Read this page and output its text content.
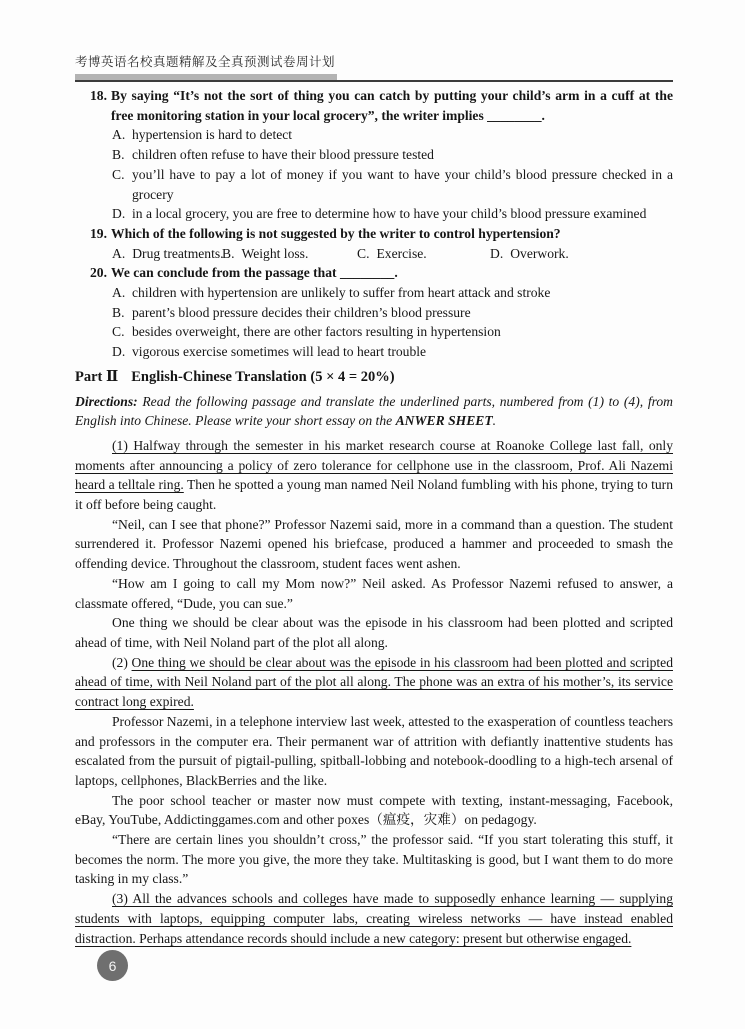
考博英语名校真题精解及全真预测试卷周计划
18. By saying “It’s not the sort of thing you can catch by putting your child’s arm in a cuff at the free monitoring station in your local grocery”, the writer implies ________.
A. hypertension is hard to detect
B. children often refuse to have their blood pressure tested
C. you’ll have to pay a lot of money if you want to have your child’s blood pressure checked in a grocery
D. in a local grocery, you are free to determine how to have your child’s blood pressure examined
19. Which of the following is not suggested by the writer to control hypertension?
A. Drug treatments.
B. Weight loss.	C. Exercise.	D. Overwork.
20. We can conclude from the passage that ________.
A. children with hypertension are unlikely to suffer from heart attack and stroke
B. parent’s blood pressure decides their children’s blood pressure
C. besides overweight, there are other factors resulting in hypertension
D. vigorous exercise sometimes will lead to heart trouble
Part Ⅱ English-Chinese Translation (5 × 4 = 20%)

Directions: Read the following passage and translate the underlined parts, numbered from (1) to (4), from English into Chinese. Please write your short essay on the ANWER SHEET.

(1) Halfway through the semester in his market research course at Roanoke College last fall, only moments after announcing a policy of zero tolerance for cellphone use in the classroom, Prof. Ali Nazemi heard a telltale ring. Then he spotted a young man named Neil Noland fumbling with his phone, trying to turn it off before being caught.

“Neil, can I see that phone?” Professor Nazemi said, more in a command than a question. The student surrendered it. Professor Nazemi opened his briefcase, produced a hammer and proceeded to smash the offending device. Throughout the classroom, student faces went ashen.

“How am I going to call my Mom now?” Neil asked. As Professor Nazemi refused to answer, a classmate offered, “Dude, you can sue.”

One thing we should be clear about was the episode in his classroom had been plotted and scripted ahead of time, with Neil Noland part of the plot all along.

(2) One thing we should be clear about was the episode in his classroom had been plotted and scripted ahead of time, with Neil Noland part of the plot all along. The phone was an extra of his mother’s, its service contract long expired.

Professor Nazemi, in a telephone interview last week, attested to the exasperation of countless teachers and professors in the computer era. Their permanent war of attrition with defiantly inattentive students has escalated from the pursuit of pigtail-pulling, spitball-lobbing and notebook-doodling to a high-tech arsenal of laptops, cellphones, BlackBerries and the like.

The poor school teacher or master now must compete with texting, instant-messaging, Facebook, eBay, YouTube, Addictinggames.com and other poxes（瘟疫，灾难）on pedagogy.

“There are certain lines you shouldn’t cross,” the professor said. “If you start tolerating this stuff, it becomes the norm. The more you give, the more they take. Multitasking is good, but I want them to do more tasking in my class.”

(3) All the advances schools and colleges have made to supposedly enhance learning — supplying students with laptops, equipping computer labs, creating wireless networks — have instead enabled distraction. Perhaps attendance records should include a new category: present but otherwise engaged.

6
